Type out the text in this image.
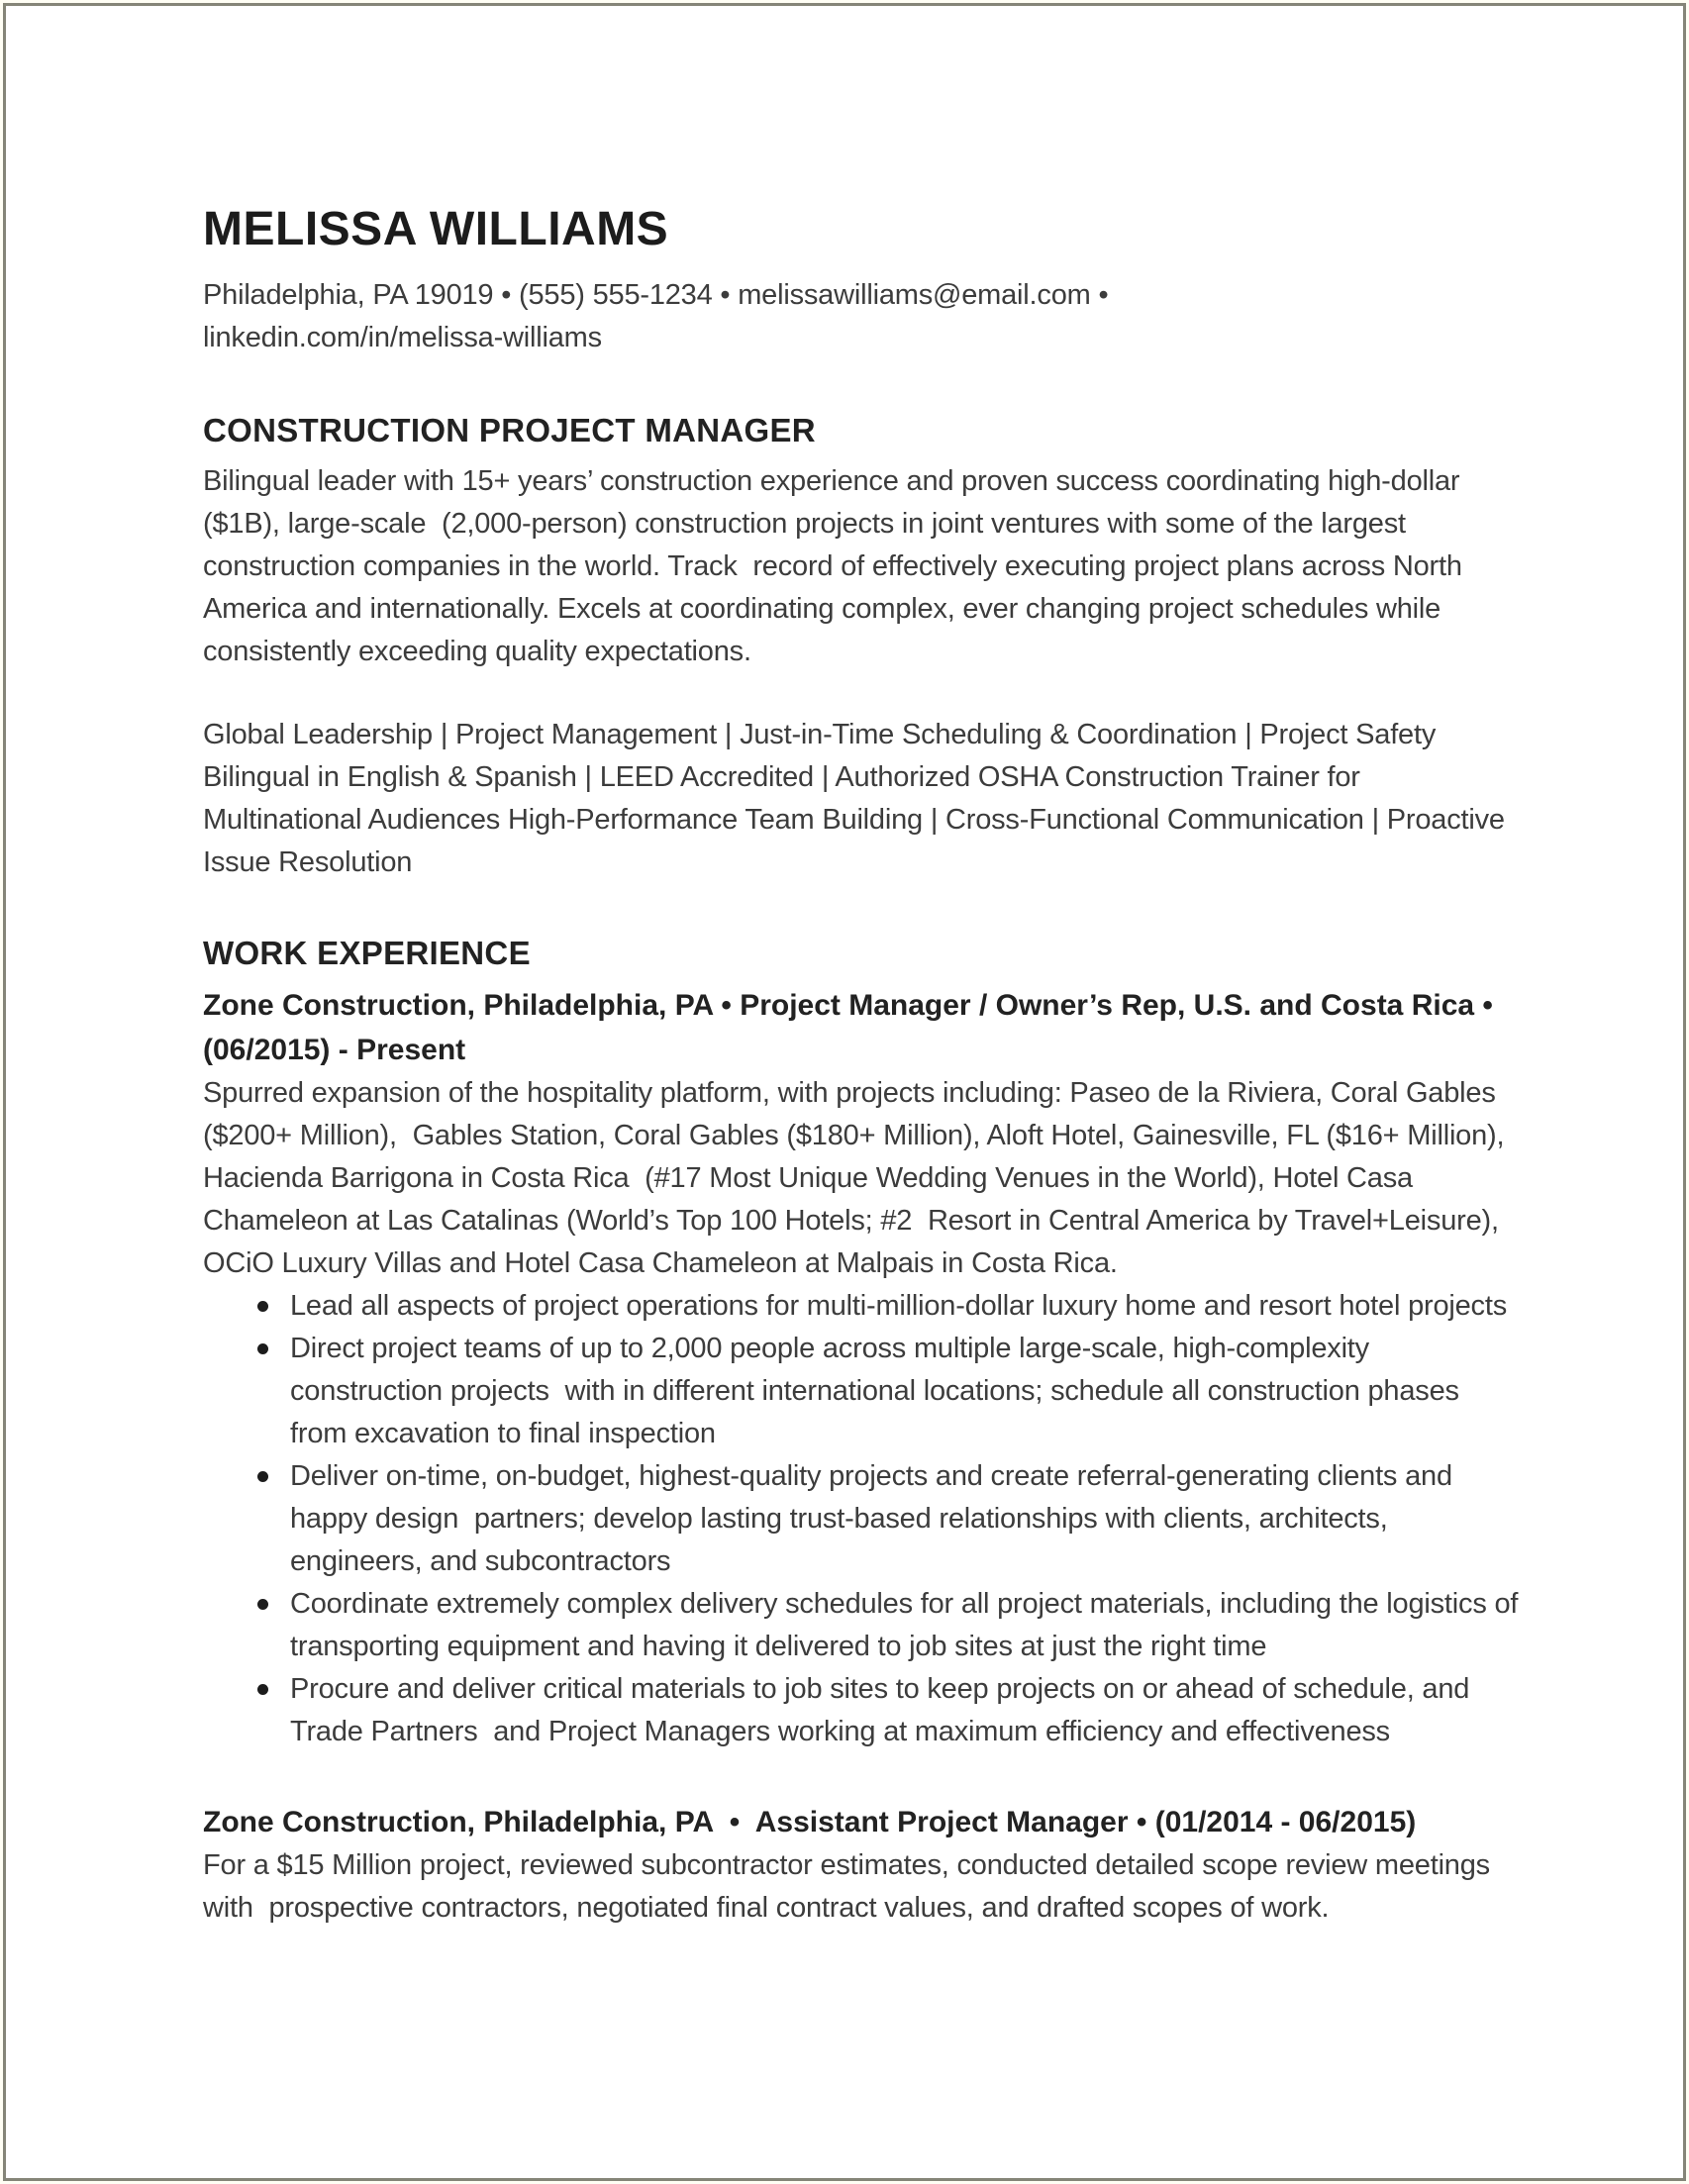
MELISSA WILLIAMS

Philadelphia, PA 19019 • (555) 555-1234 • melissawilliams@email.com • linkedin.com/in/melissa-williams

CONSTRUCTION PROJECT MANAGER

Bilingual leader with 15+ years’ construction experience and proven success coordinating high-dollar ($1B), large-scale  (2,000-person) construction projects in joint ventures with some of the largest construction companies in the world. Track  record of effectively executing project plans across North America and internationally. Excels at coordinating complex, ever changing project schedules while consistently exceeding quality expectations.

Global Leadership | Project Management | Just-in-Time Scheduling & Coordination | Project Safety Bilingual in English & Spanish | LEED Accredited | Authorized OSHA Construction Trainer for Multinational Audiences High-Performance Team Building | Cross-Functional Communication | Proactive Issue Resolution

WORK EXPERIENCE

Zone Construction, Philadelphia, PA • Project Manager / Owner’s Rep, U.S. and Costa Rica • (06/2015) - Present

Spurred expansion of the hospitality platform, with projects including: Paseo de la Riviera, Coral Gables ($200+ Million),  Gables Station, Coral Gables ($180+ Million), Aloft Hotel, Gainesville, FL ($16+ Million), Hacienda Barrigona in Costa Rica  (#17 Most Unique Wedding Venues in the World), Hotel Casa Chameleon at Las Catalinas (World’s Top 100 Hotels; #2  Resort in Central America by Travel+Leisure), OCiO Luxury Villas and Hotel Casa Chameleon at Malpais in Costa Rica.

Lead all aspects of project operations for multi-million-dollar luxury home and resort hotel projects
Direct project teams of up to 2,000 people across multiple large-scale, high-complexity construction projects  with in different international locations; schedule all construction phases from excavation to final inspection
Deliver on-time, on-budget, highest-quality projects and create referral-generating clients and happy design  partners; develop lasting trust-based relationships with clients, architects, engineers, and subcontractors
Coordinate extremely complex delivery schedules for all project materials, including the logistics of  transporting equipment and having it delivered to job sites at just the right time
Procure and deliver critical materials to job sites to keep projects on or ahead of schedule, and Trade Partners  and Project Managers working at maximum efficiency and effectiveness

Zone Construction, Philadelphia, PA  •  Assistant Project Manager • (01/2014 - 06/2015)

For a $15 Million project, reviewed subcontractor estimates, conducted detailed scope review meetings with  prospective contractors, negotiated final contract values, and drafted scopes of work.
